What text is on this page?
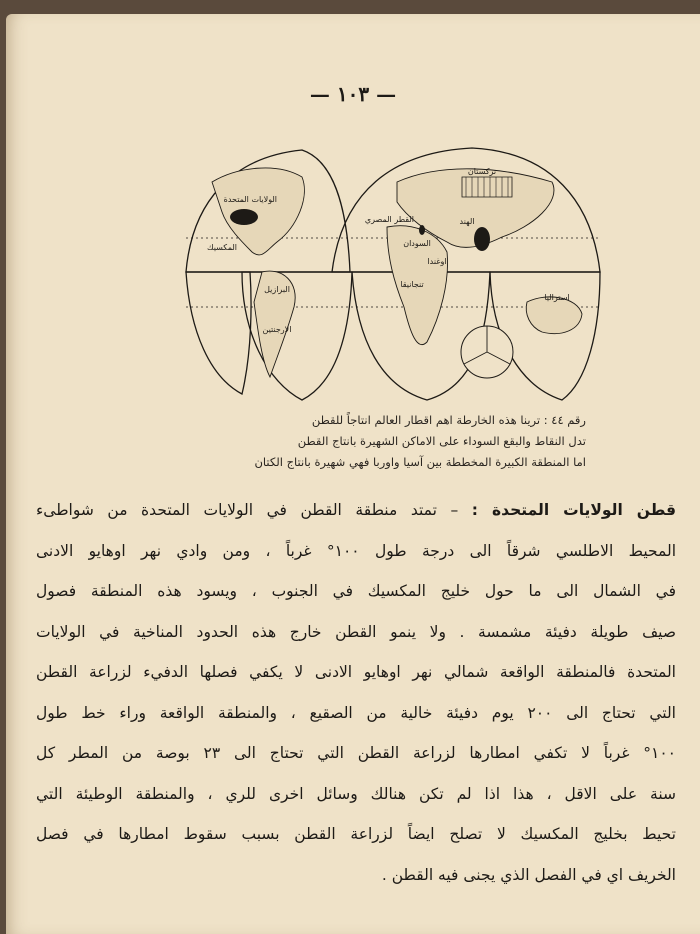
— ١٠٣ —
الولايات المتحدة
المكسيك
البرازيل
الارجنتين
تركستان
القطر المصري
السودان
الهند
اوغندا
تنجانيقا
استراليا
رقم ٤٤ : ترينا هذه الخارطة اهم اقطار العالم انتاجاً للقطن
تدل النقاط والبقع السوداء على الاماكن الشهيرة بانتاج القطن
اما المنطقة الكبيرة المخططة بين آسيا واوربا فهي شهيرة بانتاج الكتان
قطن الولايات المتحدة : – تمتد منطقة القطن في الولايات المتحدة من شواطىء
المحيط الاطلسي شرقاً الى درجة طول ١٠٠° غرباً ، ومن وادي نهر اوهايو الادنى
في الشمال الى ما حول خليج المكسيك في الجنوب ، ويسود هذه المنطقة فصول
صيف طويلة دفيئة مشمسة . ولا ينمو القطن خارج هذه الحدود المناخية في الولايات
المتحدة فالمنطقة الواقعة شمالي نهر اوهايو الادنى لا يكفي فصلها الدفيء لزراعة القطن
التي تحتاج الى ٢٠٠ يوم دفيئة خالية من الصقيع ، والمنطقة الواقعة وراء خط طول
١٠٠° غرباً لا تكفي امطارها لزراعة القطن التي تحتاج الى ٢٣ بوصة من المطر كل
سنة على الاقل ، هذا اذا لم تكن هنالك وسائل اخرى للري ، والمنطقة الوطيئة التي
تحيط بخليج المكسيك لا تصلح ايضاً لزراعة القطن بسبب سقوط امطارها في فصل
الخريف اي في الفصل الذي يجنى فيه القطن .
